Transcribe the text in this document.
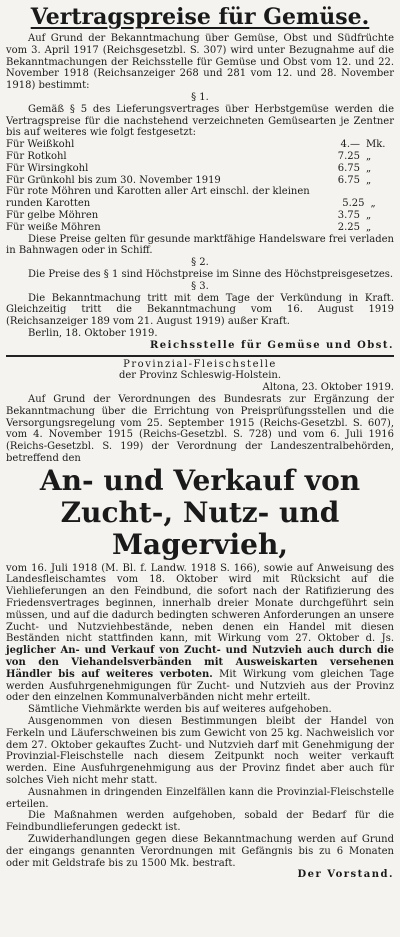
Vertragspreise für Gemüse.

Auf Grund der Bekanntmachung über Gemüse, Obst und Südfrüchte vom 3. April 1917 (Reichsgesetzbl. S. 307) wird unter Bezugnahme auf die Bekanntmachungen der Reichsstelle für Gemüse und Obst vom 12. und 22. November 1918 (Reichsanzeiger 268 und 281 vom 12. und 28. November 1918) bestimmt:

§ 1.

Gemäß § 5 des Lieferungsvertrages über Herbstgemüse werden die Vertragspreise für die nachstehend verzeichneten Gemüsearten je Zentner bis auf weiteres wie folgt festgesetzt:

Für Weißkohl	4.— Mk.
Für Rotkohl	7.25 „
Für Wirsingkohl	6.75 „
Für Grünkohl bis zum 30. November 1919	6.75 „
Für rote Möhren und Karotten aller Art einschl. der kleinen runden Karotten	5.25 „
Für gelbe Möhren	3.75 „
Für weiße Möhren	2.25 „

Diese Preise gelten für gesunde marktfähige Handelsware frei verladen in Bahnwagen oder in Schiff.

§ 2.

Die Preise des § 1 sind Höchstpreise im Sinne des Höchstpreisgesetzes.

§ 3.

Die Bekanntmachung tritt mit dem Tage der Verkündung in Kraft. Gleichzeitig tritt die Bekanntmachung vom 16. August 1919 (Reichsanzeiger 189 vom 21. August 1919) außer Kraft.

Berlin, 18. Oktober 1919.

Reichsstelle für Gemüse und Obst.

Provinzial-Fleischstelle

der Provinz Schleswig-Holstein.

Altona, 23. Oktober 1919.

Auf Grund der Verordnungen des Bundesrats zur Ergänzung der Bekanntmachung über die Errichtung von Preisprüfungsstellen und die Versorgungsregelung vom 25. September 1915 (Reichs-Gesetzbl. S. 607), vom 4. November 1915 (Reichs-Gesetzbl. S. 728) und vom 6. Juli 1916 (Reichs-Gesetzbl. S. 199) der Verordnung der Landeszentralbehörden, betreffend den

An- und Verkauf von

Zucht-, Nutz- und Magervieh,

vom 16. Juli 1918 (M. Bl. f. Landw. 1918 S. 166), sowie auf Anweisung des Landesfleischamtes vom 18. Oktober wird mit Rücksicht auf die Viehlieferungen an den Feindbund, die sofort nach der Ratifizierung des Friedensvertrages beginnen, innerhalb dreier Monate durchgeführt sein müssen, und auf die dadurch bedingten schweren Anforderungen an unsere Zucht- und Nutzviehbestände, neben denen ein Handel mit diesen Beständen nicht stattfinden kann, mit Wirkung vom 27. Oktober d. Js. jeglicher An- und Verkauf von Zucht- und Nutzvieh auch durch die von den Viehandelsverbänden mit Ausweiskarten versehenen Händler bis auf weiteres verboten. Mit Wirkung vom gleichen Tage werden Ausfuhrgenehmigungen für Zucht- und Nutzvieh aus der Provinz oder den einzelnen Kommunalverbänden nicht mehr erteilt.

Sämtliche Viehmärkte werden bis auf weiteres aufgehoben.

Ausgenommen von diesen Bestimmungen bleibt der Handel von Ferkeln und Läuferschweinen bis zum Gewicht von 25 kg. Nachweislich vor dem 27. Oktober gekauftes Zucht- und Nutzvieh darf mit Genehmigung der Provinzial-Fleischstelle nach diesem Zeitpunkt noch weiter verkauft werden. Eine Ausfuhrgenehmigung aus der Provinz findet aber auch für solches Vieh nicht mehr statt.

Ausnahmen in dringenden Einzelfällen kann die Provinzial-Fleischstelle erteilen.

Die Maßnahmen werden aufgehoben, sobald der Bedarf für die Feindbundlieferungen gedeckt ist.

Zuwiderhandlungen gegen diese Bekanntmachung werden auf Grund der eingangs genannten Verordnungen mit Gefängnis bis zu 6 Monaten oder mit Geldstrafe bis zu 1500 Mk. bestraft.

Der Vorstand.
